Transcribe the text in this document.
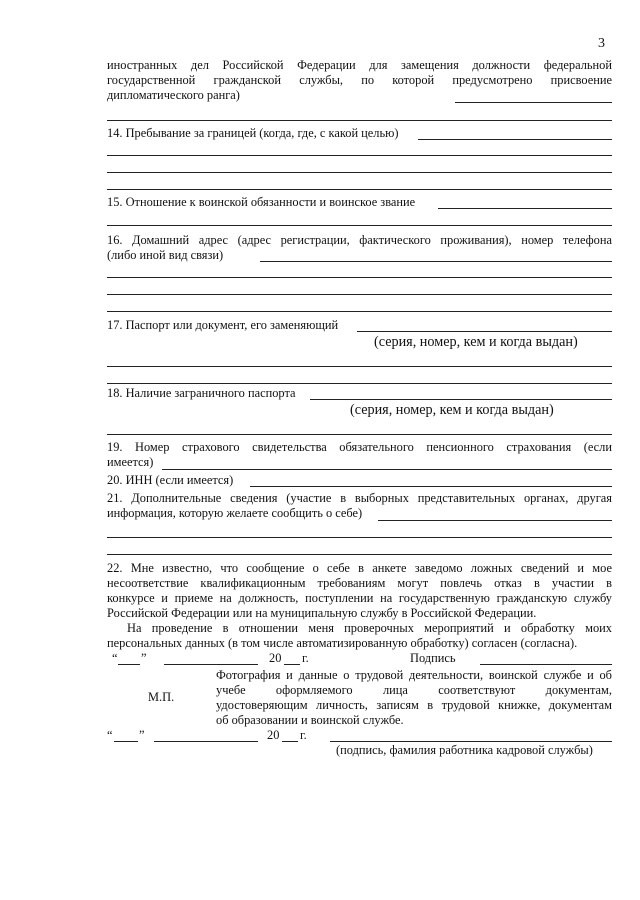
3
иностранных дел Российской Федерации для замещения должности федеральной
государственной гражданской службы, по которой предусмотрено присвоение
дипломатического ранга)
14. Пребывание за границей (когда, где, с какой целью)
15. Отношение к воинской обязанности и воинское звание
16. Домашний адрес (адрес регистрации, фактического проживания), номер телефона
(либо иной вид связи)
17. Паспорт или документ, его заменяющий
(серия, номер, кем и когда выдан)
18. Наличие заграничного паспорта
(серия, номер, кем и когда выдан)
19. Номер страхового свидетельства обязательного пенсионного страхования (если
имеется)
20. ИНН (если имеется)
21. Дополнительные сведения (участие в выборных представительных органах, другая
информация, которую желаете сообщить о себе)
22. Мне известно, что сообщение о себе в анкете заведомо ложных сведений и мое
несоответствие квалификационным требованиям могут повлечь отказ в участии в
конкурсе и приеме на должность, поступлении на государственную гражданскую службу
Российской Федерации или на муниципальную службу в Российской Федерации.
На проведение в отношении меня проверочных мероприятий и обработку моих
персональных данных (в том числе автоматизированную обработку) согласен (согласна).
“ ”	20 г.	Подпись
М.П.
Фотография и данные о трудовой деятельности, воинской службе и об
учебе оформляемого лица соответствуют документам,
удостоверяющим личность, записям в трудовой книжке, документам
об образовании и воинской службе.
“ ”	20 г.
(подпись, фамилия работника кадровой службы)
